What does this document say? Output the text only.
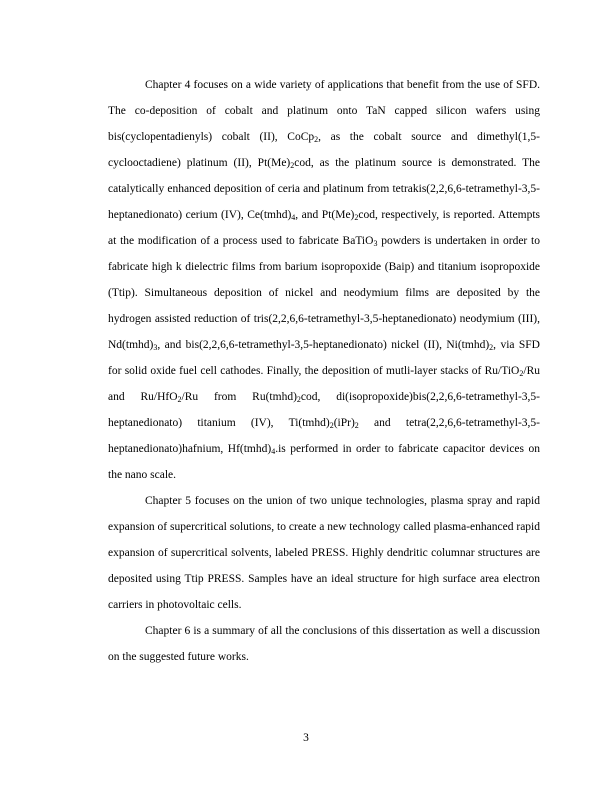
Chapter 4 focuses on a wide variety of applications that benefit from the use of SFD. The co-deposition of cobalt and platinum onto TaN capped silicon wafers using bis(cyclopentadienyls) cobalt (II), CoCp$_2$, as the cobalt source and dimethyl(1,5-cyclooctadiene) platinum (II), $Pt(Me)_2cod$, as the platinum source is demonstrated. The catalytically enhanced deposition of ceria and platinum from tetrakis(2,2,6,6-tetramethyl-3,5-heptanedionato) cerium (IV), $Ce(tmhd)_4$, and $Pt(Me)_2cod$, respectively, is reported. Attempts at the modification of a process used to fabricate BaTiO$_3$ powders is undertaken in order to fabricate high k dielectric films from barium isopropoxide (Baip) and titanium isopropoxide (Ttip). Simultaneous deposition of nickel and neodymium films are deposited by the hydrogen assisted reduction of tris(2,2,6,6-tetramethyl-3,5-heptanedionato) neodymium (III), $Nd(tmhd)_3$, and bis(2,2,6,6-tetramethyl-3,5-heptanedionato) nickel (II), $Ni(tmhd)_2$, via SFD for solid oxide fuel cell cathodes. Finally, the deposition of mutli-layer stacks of Ru/TiO$_2$/Ru and Ru/HfO$_2$/Ru from $Ru(tmhd)_2cod$, di(isopropoxide)bis(2,2,6,6-tetramethyl-3,5-heptanedionato) titanium (IV), $Ti(tmhd)_2(iPr)_2$ and tetra(2,2,6,6-tetramethyl-3,5-heptanedionato)hafnium, $Hf(tmhd)_4.is$ performed in order to fabricate capacitor devices on the nano scale.

Chapter 5 focuses on the union of two unique technologies, plasma spray and rapid expansion of supercritical solutions, to create a new technology called plasma-enhanced rapid expansion of supercritical solvents, labeled PRESS. Highly dendritic columnar structures are deposited using Ttip PRESS. Samples have an ideal structure for high surface area electron carriers in photovoltaic cells.

Chapter 6 is a summary of all the conclusions of this dissertation as well a discussion on the suggested future works.

3
